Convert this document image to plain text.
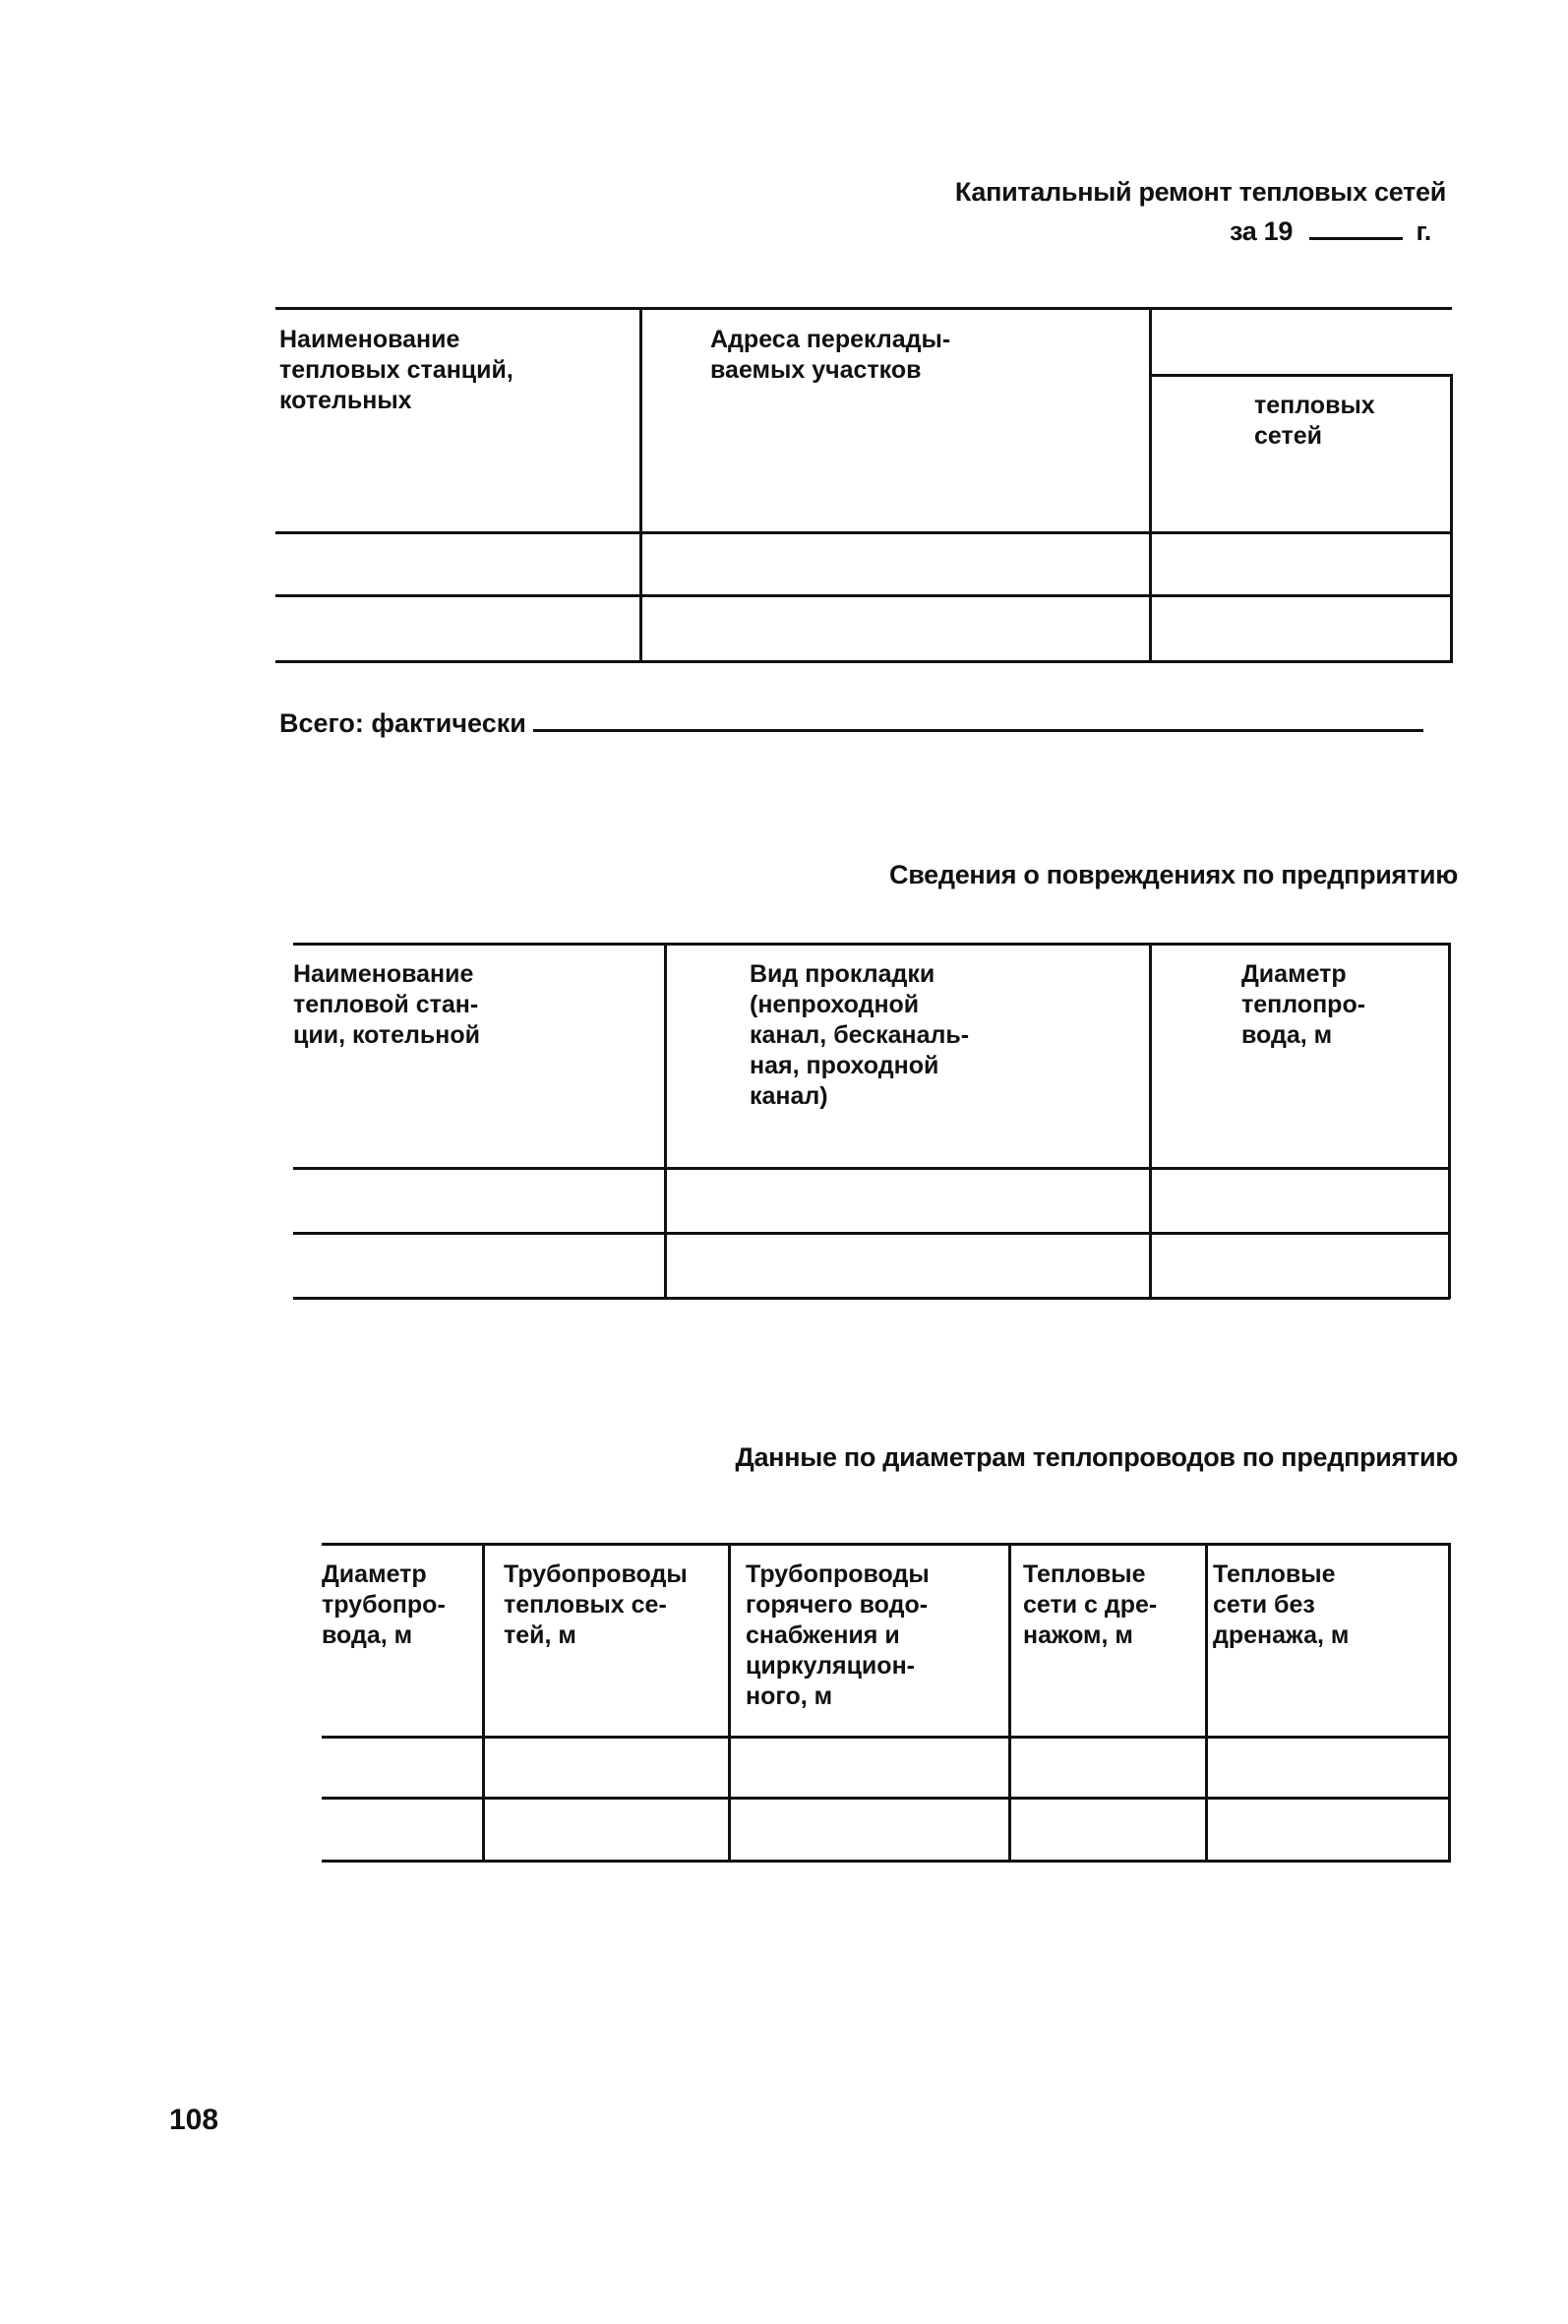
Капитальный ремонт тепловых сетей
за 19	г.
Наименование
тепловых станций,
котельных
Адреса переклады-
ваемых участков
тепловых
сетей
Всего: фактически
Сведения о повреждениях по предприятию
Наименование
тепловой стан-
ции, котельной
Вид прокладки
(непроходной
канал, бесканаль-
ная, проходной
канал)
Диаметр
теплопро-
вода, м
Данные по диаметрам теплопроводов по предприятию
Диаметр
трубопро-
вода, м
Трубопроводы
тепловых се-
тей, м
Трубопроводы
горячего водо-
снабжения и
циркуляцион-
ного, м
Тепловые
сети с дре-
нажом, м
Тепловые
сети без
дренажа, м
108
